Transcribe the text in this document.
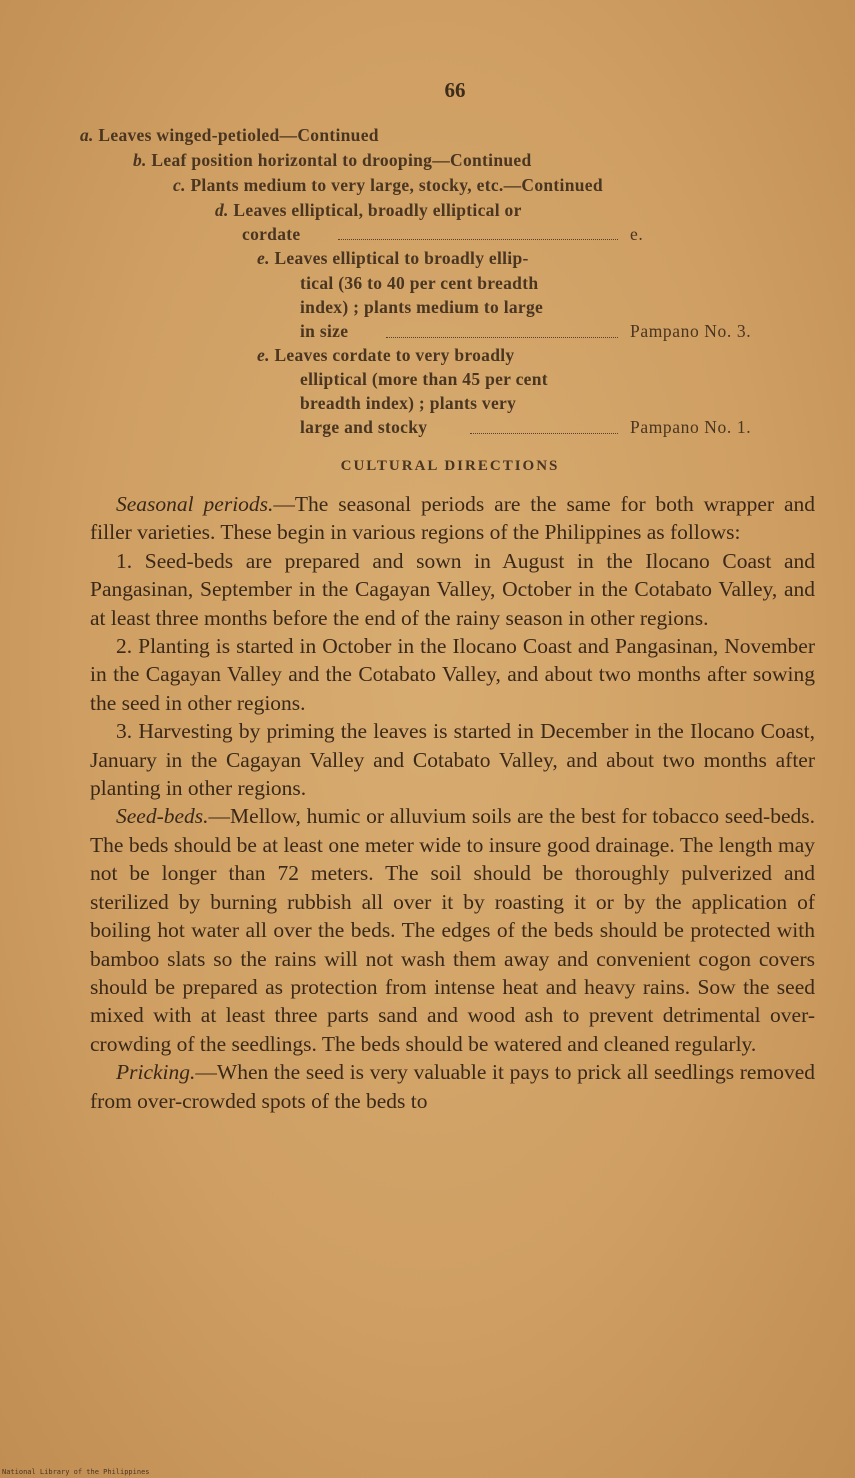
66
a. Leaves winged-petioled—Continued
b. Leaf position horizontal to drooping—Continued
c. Plants medium to very large, stocky, etc.—Continued
d. Leaves elliptical, broadly elliptical or
cordate	e.
e. Leaves elliptical to broadly ellip-
tical (36 to 40 per cent breadth
index) ; plants medium to large
in size	Pampano No. 3.
e. Leaves cordate to very broadly
elliptical (more than 45 per cent
breadth index) ; plants very
large and stocky	Pampano No. 1.
CULTURAL DIRECTIONS

Seasonal periods.—The seasonal periods are the same for both wrapper and filler varieties. These begin in various regions of the Philippines as follows:

1. Seed-beds are prepared and sown in August in the Ilocano Coast and Pangasinan, September in the Cagayan Valley, October in the Cotabato Valley, and at least three months before the end of the rainy season in other regions.

2. Planting is started in October in the Ilocano Coast and Pangasinan, November in the Cagayan Valley and the Cotabato Valley, and about two months after sowing the seed in other regions.

3. Harvesting by priming the leaves is started in December in the Ilocano Coast, January in the Cagayan Valley and Cotabato Valley, and about two months after planting in other regions.

Seed-beds.—Mellow, humic or alluvium soils are the best for tobacco seed-beds. The beds should be at least one meter wide to insure good drainage. The length may not be longer than 72 meters. The soil should be thoroughly pulverized and sterilized by burning rubbish all over it by roasting it or by the application of boiling hot water all over the beds. The edges of the beds should be protected with bamboo slats so the rains will not wash them away and convenient cogon covers should be prepared as protection from intense heat and heavy rains. Sow the seed mixed with at least three parts sand and wood ash to prevent detrimental over-crowding of the seedlings. The beds should be watered and cleaned regularly.

Pricking.—When the seed is very valuable it pays to prick all seedlings removed from over-crowded spots of the beds to

National Library of the Philippines
